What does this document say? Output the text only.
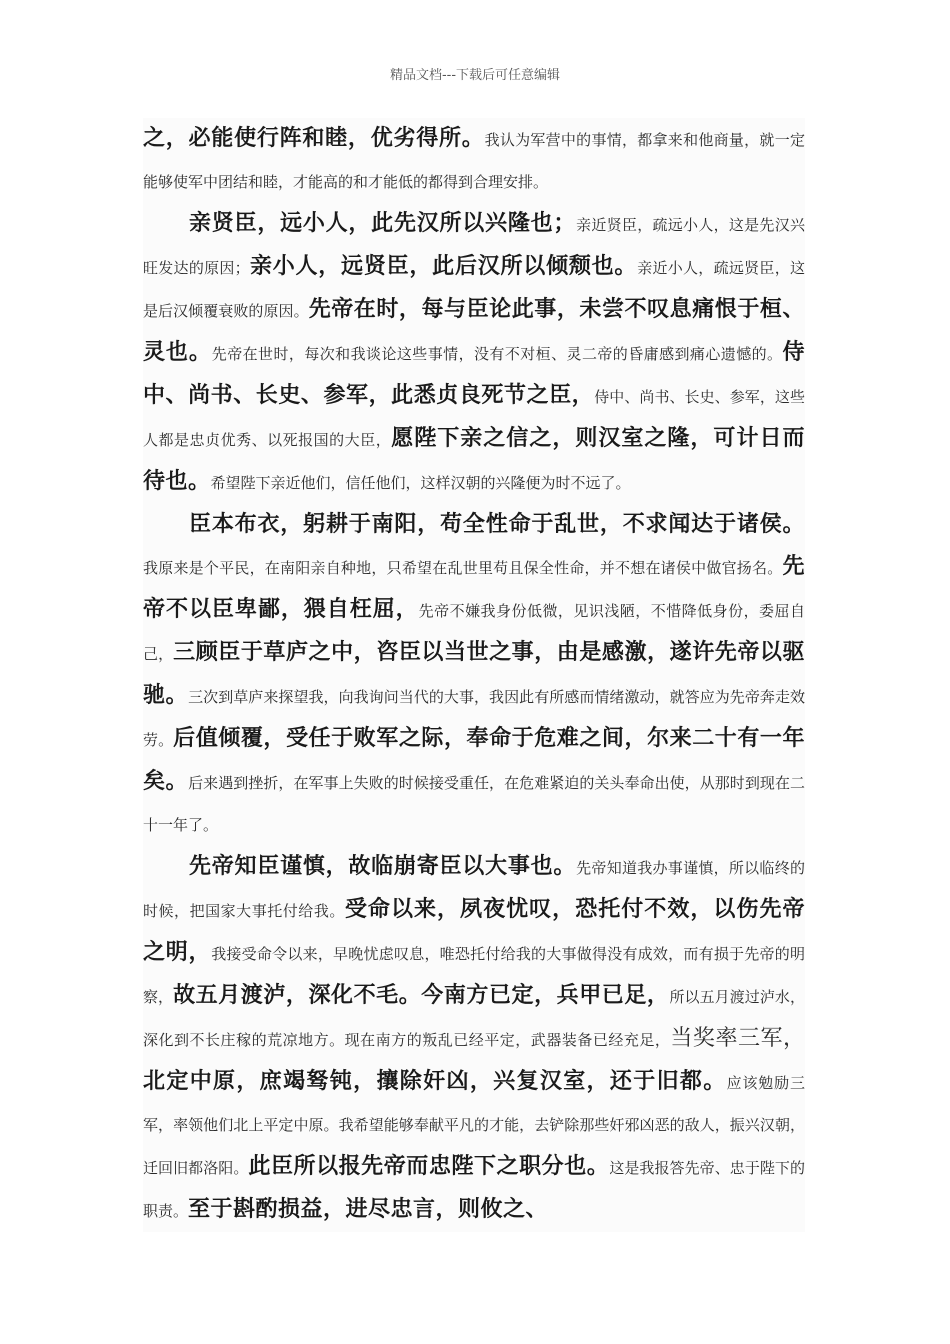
精品文档---下载后可任意编辑

之，必能使行阵和睦，优劣得所。我认为军营中的事情，都拿来和他商量，就一定能够使军中团结和睦，才能高的和才能低的都得到合理安排。

亲贤臣，远小人，此先汉所以兴隆也；亲近贤臣，疏远小人，这是先汉兴旺发达的原因；亲小人，远贤臣，此后汉所以倾颓也。亲近小人，疏远贤臣，这是后汉倾覆衰败的原因。先帝在时，每与臣论此事，未尝不叹息痛恨于桓、灵也。先帝在世时，每次和我谈论这些事情，没有不对桓、灵二帝的昏庸感到痛心遗憾的。侍中、尚书、长史、参军，此悉贞良死节之臣，侍中、尚书、长史、参军，这些人都是忠贞优秀、以死报国的大臣，愿陛下亲之信之，则汉室之隆，可计日而待也。希望陛下亲近他们，信任他们，这样汉朝的兴隆便为时不远了。

臣本布衣，躬耕于南阳，苟全性命于乱世，不求闻达于诸侯。我原来是个平民，在南阳亲自种地，只希望在乱世里苟且保全性命，并不想在诸侯中做官扬名。先帝不以臣卑鄙，猥自枉屈，先帝不嫌我身份低微，见识浅陋，不惜降低身份，委屈自己，三顾臣于草庐之中，咨臣以当世之事，由是感激，遂许先帝以驱驰。三次到草庐来探望我，向我询问当代的大事，我因此有所感而情绪激动，就答应为先帝奔走效劳。后值倾覆，受任于败军之际，奉命于危难之间，尔来二十有一年矣。后来遇到挫折，在军事上失败的时候接受重任，在危难紧迫的关头奉命出使，从那时到现在二十一年了。

先帝知臣谨慎，故临崩寄臣以大事也。先帝知道我办事谨慎，所以临终的时候，把国家大事托付给我。受命以来，夙夜忧叹，恐托付不效，以伤先帝之明，我接受命令以来，早晚忧虑叹息，唯恐托付给我的大事做得没有成效，而有损于先帝的明察，故五月渡泸，深化不毛。今南方已定，兵甲已足，所以五月渡过泸水，深化到不长庄稼的荒凉地方。现在南方的叛乱已经平定，武器装备已经充足，当奖率三军，北定中原，庶竭驽钝，攘除奸凶，兴复汉室，还于旧都。应该勉励三军，率领他们北上平定中原。我希望能够奉献平凡的才能，去铲除那些奸邪凶恶的敌人，振兴汉朝，迁回旧都洛阳。此臣所以报先帝而忠陛下之职分也。这是我报答先帝、忠于陛下的职责。至于斟酌损益，进尽忠言，则攸之、
